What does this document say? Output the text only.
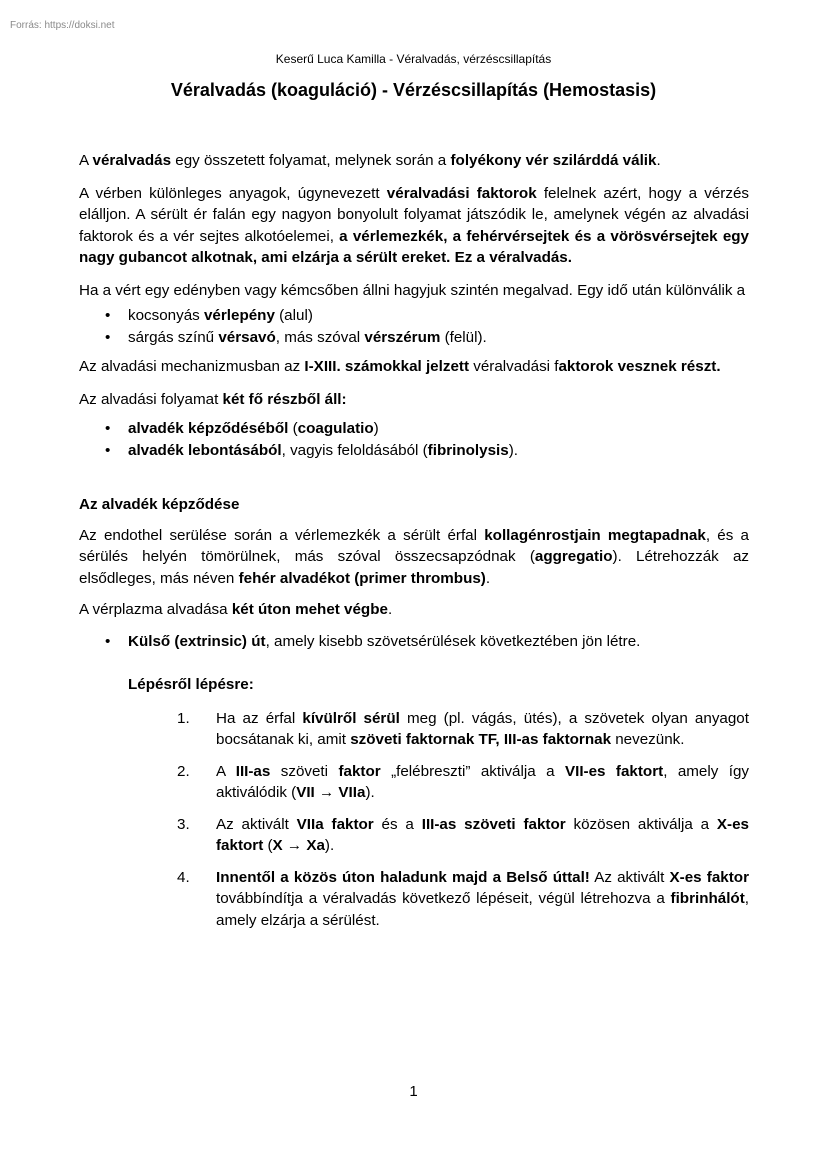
Forrás: https://doksi.net
Keserű Luca Kamilla - Véralvadás, vérzéscsillapítás
Véralvadás (koaguláció) - Vérzéscsillapítás (Hemostasis)

A véralvadás egy összetett folyamat, melynek során a folyékony vér szilárddá válik.

A vérben különleges anyagok, úgynevezett véralvadási faktorok felelnek azért, hogy a vérzés elálljon. A sérült ér falán egy nagyon bonyolult folyamat játszódik le, amelynek végén az alvadási faktorok és a vér sejtes alkotóelemei, a vérlemezkék, a fehérvérsejtek és a vörösvérsejtek egy nagy gubancot alkotnak, ami elzárja a sérült ereket. Ez a véralvadás.

Ha a vért egy edényben vagy kémcsőben állni hagyjuk szintén megalvad. Egy idő után különválik a

• kocsonyás vérlepény (alul)
• sárgás színű vérsavó, más szóval vérszérum (felül).

Az alvadási mechanizmusban az I-XIII. számokkal jelzett véralvadási faktorok vesznek részt.

Az alvadási folyamat két fő részből áll:

• alvadék képződéséből (coagulatio)
• alvadék lebontásából, vagyis feloldásából (fibrinolysis).

Az alvadék képződése

Az endothel serülése során a vérlemezkék a sérült érfal kollagénrostjain megtapadnak, és a sérülés helyén tömörülnek, más szóval összecsapzódnak (aggregatio). Létrehozzák az elsődleges, más néven fehér alvadékot (primer thrombus).

A vérplazma alvadása két úton mehet végbe.

• Külső (extrinsic) út, amely kisebb szövetsérülések következtében jön létre.
Lépésről lépésre:
1. Ha az érfal kívülről sérül meg (pl. vágás, ütés), a szövetek olyan anyagot bocsátanak ki, amit szöveti faktornak TF, III-as faktornak nevezünk.
2. A III-as szöveti faktor „felébreszti” aktiválja a VII-es faktort, amely így aktiválódik (VII → VIIa).
3. Az aktivált VIIa faktor és a III-as szöveti faktor közösen aktiválja a X-es faktort (X → Xa).
4. Innentől a közös úton haladunk majd a Belső úttal! Az aktivált X-es faktor továbbíndítja a véralvadás következő lépéseit, végül létrehozva a fibrinhálót, amely elzárja a sérülést.
1
